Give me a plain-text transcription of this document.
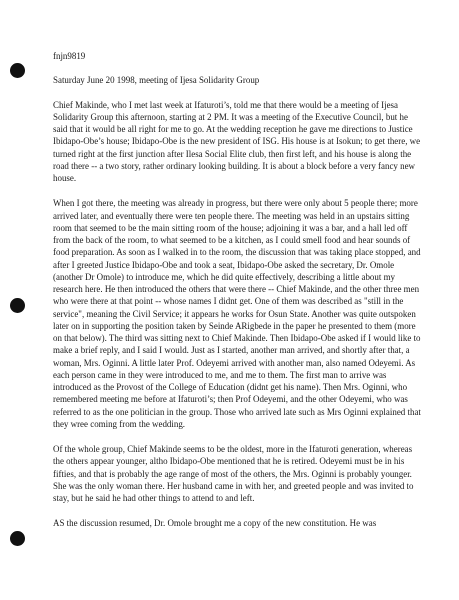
fnjn9819

Saturday June 20 1998, meeting of Ijesa Solidarity Group

Chief Makinde, who I met last week at Ifaturoti’s, told me that there would be a meeting of Ijesa Solidarity Group this afternoon, starting at 2 PM. It was a meeting of the Executive Council, but he said that it would be all right for me to go. At the wedding reception he gave me directions to Justice Ibidapo-Obe’s house; Ibidapo-Obe is the new president of ISG. His house is at Isokun; to get there, we turned right at the first junction after Ilesa Social Elite club, then first left, and his house is along the road there -- a two story, rather ordinary looking building. It is about a block before a very fancy new house.

When I got there, the meeting was already in progress, but there were only about 5 people there; more arrived later, and eventually there were ten people there. The meeting was held in an upstairs sitting room that seemed to be the main sitting room of the house; adjoining it was a bar, and a hall led off from the back of the room, to what seemed to be a kitchen, as I could smell food and hear sounds of food preparation. As soon as I walked in to the room, the discussion that was taking place stopped, and after I greeted Justice Ibidapo-Obe and took a seat, Ibidapo-Obe asked the secretary, Dr. Omole (another Dr Omole) to introduce me, which he did quite effectively, describing a little about my research here. He then introduced the others that were there -- Chief Makinde, and the other three men who were there at that point -- whose names I didnt get. One of them was described as "still in the service", meaning the Civil Service; it appears he works for Osun State. Another was quite outspoken later on in supporting the position taken by Seinde ARigbede in the paper he presented to them (more on that below). The third was sitting next to Chief Makinde. Then Ibidapo-Obe asked if I would like to make a brief reply, and I said I would. Just as I started, another man arrived, and shortly after that, a woman, Mrs. Oginni. A little later Prof. Odeyemi arrived with another man, also named Odeyemi. As each person came in they were introduced to me, and me to them. The first man to arrive was introduced as the Provost of the College of Education (didnt get his name). Then Mrs. Oginni, who remembered meeting me before at Ifaturoti’s; then Prof Odeyemi, and the other Odeyemi, who was referred to as the one politician in the group. Those who arrived late such as Mrs Oginni explained that they wree coming from the wedding.

Of the whole group, Chief Makinde seems to be the oldest, more in the Ifaturoti generation, whereas the others appear younger, altho Ibidapo-Obe mentioned that he is retired. Odeyemi must be in his fifties, and that is probably the age range of most of the others, the Mrs. Oginni is probably younger. She was the only woman there. Her husband came in with her, and greeted people and was invited to stay, but he said he had other things to attend to and left.

AS the discussion resumed, Dr. Omole brought me a copy of the new constitution. He was
